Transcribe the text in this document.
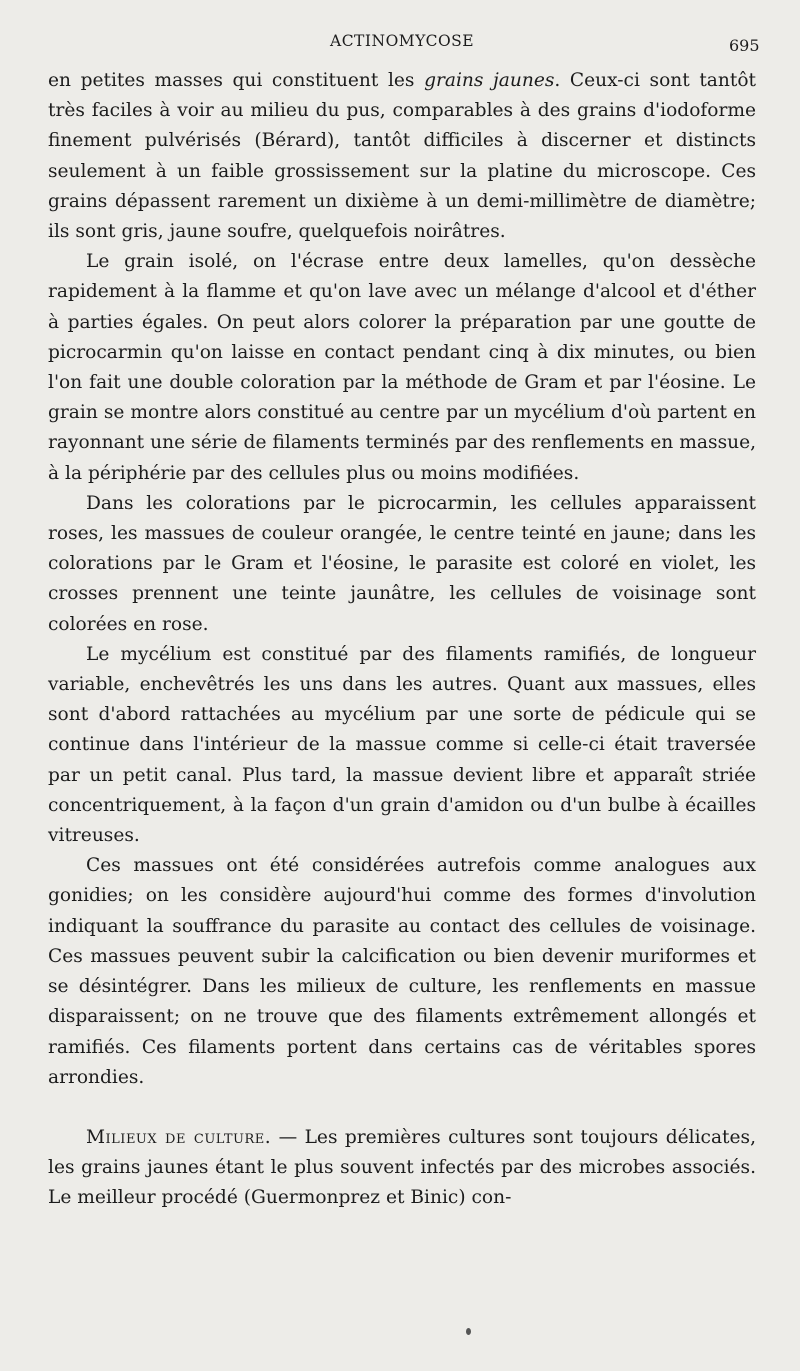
ACTINOMYCOSE	695

en petites masses qui constituent les grains jaunes. Ceux-ci sont tantôt très faciles à voir au milieu du pus, comparables à des grains d'iodoforme finement pulvérisés (Bérard), tantôt difficiles à discerner et distincts seulement à un faible grossissement sur la platine du microscope. Ces grains dépassent rarement un dixième à un demi-millimètre de diamètre; ils sont gris, jaune soufre, quelquefois noirâtres.

Le grain isolé, on l'écrase entre deux lamelles, qu'on dessèche rapidement à la flamme et qu'on lave avec un mélange d'alcool et d'éther à parties égales. On peut alors colorer la préparation par une goutte de picrocarmin qu'on laisse en contact pendant cinq à dix minutes, ou bien l'on fait une double coloration par la méthode de Gram et par l'éosine. Le grain se montre alors constitué au centre par un mycélium d'où partent en rayonnant une série de filaments terminés par des renflements en massue, à la périphérie par des cellules plus ou moins modifiées.

Dans les colorations par le picrocarmin, les cellules apparaissent roses, les massues de couleur orangée, le centre teinté en jaune; dans les colorations par le Gram et l'éosine, le parasite est coloré en violet, les crosses prennent une teinte jaunâtre, les cellules de voisinage sont colorées en rose.

Le mycélium est constitué par des filaments ramifiés, de longueur variable, enchevêtrés les uns dans les autres. Quant aux massues, elles sont d'abord rattachées au mycélium par une sorte de pédicule qui se continue dans l'intérieur de la massue comme si celle-ci était traversée par un petit canal. Plus tard, la massue devient libre et apparaît striée concentriquement, à la façon d'un grain d'amidon ou d'un bulbe à écailles vitreuses.

Ces massues ont été considérées autrefois comme analogues aux gonidies; on les considère aujourd'hui comme des formes d'involution indiquant la souffrance du parasite au contact des cellules de voisinage. Ces massues peuvent subir la calcification ou bien devenir muriformes et se désintégrer. Dans les milieux de culture, les renflements en massue disparaissent; on ne trouve que des filaments extrêmement allongés et ramifiés. Ces filaments portent dans certains cas de véritables spores arrondies.

Milieux de culture. — Les premières cultures sont toujours délicates, les grains jaunes étant le plus souvent infectés par des microbes associés. Le meilleur procédé (Guermonprez et Binic) con-
